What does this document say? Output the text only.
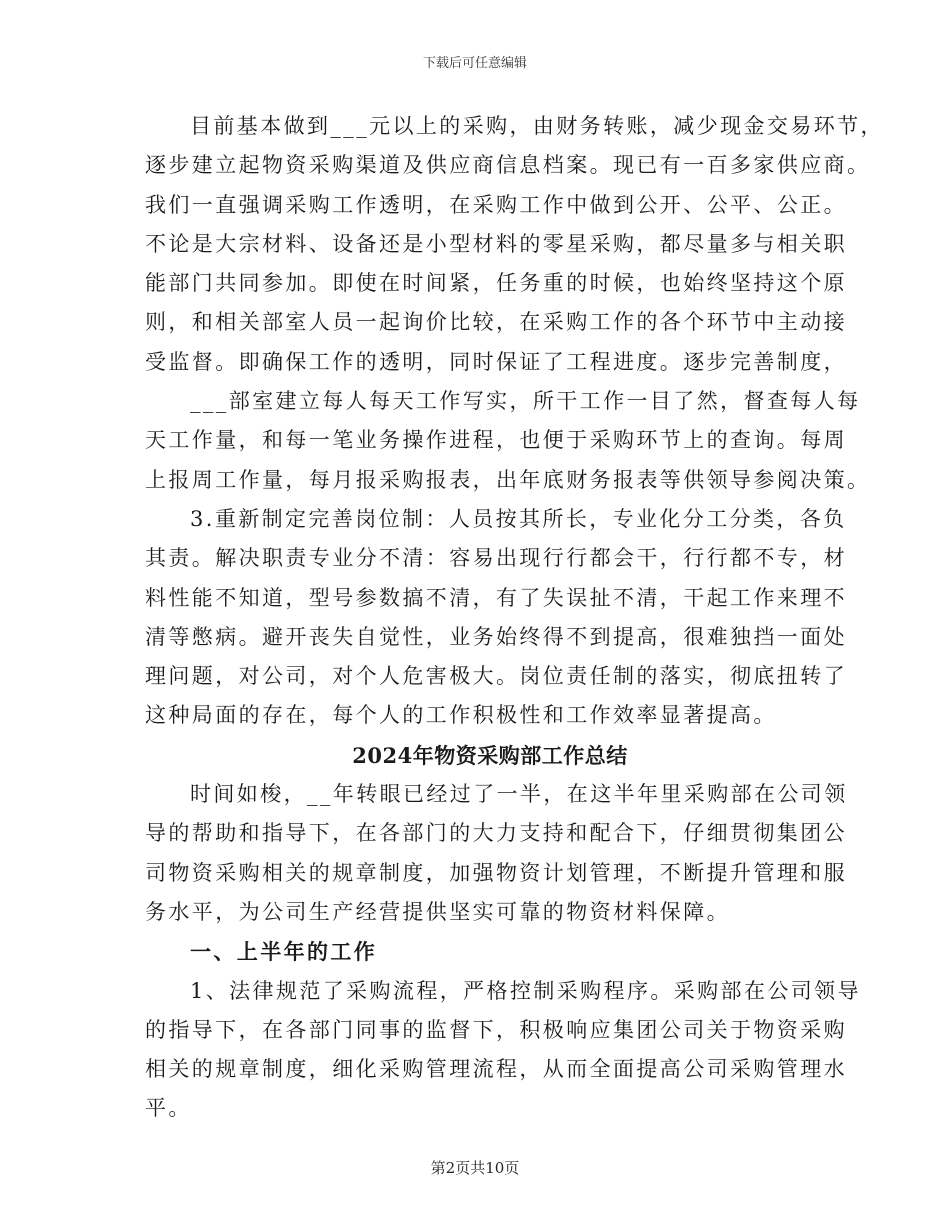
下载后可任意编辑
目前基本做到___元以上的采购，由财务转账，减少现金交易环节，
逐步建立起物资采购渠道及供应商信息档案。现已有一百多家供应商。
我们一直强调采购工作透明，在采购工作中做到公开、公平、公正。
不论是大宗材料、设备还是小型材料的零星采购，都尽量多与相关职
能部门共同参加。即使在时间紧，任务重的时候，也始终坚持这个原
则，和相关部室人员一起询价比较，在采购工作的各个环节中主动接
受监督。即确保工作的透明，同时保证了工程进度。逐步完善制度，
___部室建立每人每天工作写实，所干工作一目了然，督查每人每
天工作量，和每一笔业务操作进程，也便于采购环节上的查询。每周
上报周工作量，每月报采购报表，出年底财务报表等供领导参阅决策。
3.重新制定完善岗位制：人员按其所长，专业化分工分类，各负
其责。解决职责专业分不清：容易出现行行都会干，行行都不专，材
料性能不知道，型号参数搞不清，有了失误扯不清，干起工作来理不
清等憋病。避开丧失自觉性，业务始终得不到提高，很难独挡一面处
理问题，对公司，对个人危害极大。岗位责任制的落实，彻底扭转了
这种局面的存在，每个人的工作积极性和工作效率显著提高。
2024年物资采购部工作总结
时间如梭，__年转眼已经过了一半，在这半年里采购部在公司领
导的帮助和指导下，在各部门的大力支持和配合下，仔细贯彻集团公
司物资采购相关的规章制度，加强物资计划管理，不断提升管理和服
务水平，为公司生产经营提供坚实可靠的物资材料保障。
一、上半年的工作
1、法律规范了采购流程，严格控制采购程序。采购部在公司领导
的指导下，在各部门同事的监督下，积极响应集团公司关于物资采购
相关的规章制度，细化采购管理流程，从而全面提高公司采购管理水
平。
第2页共10页
